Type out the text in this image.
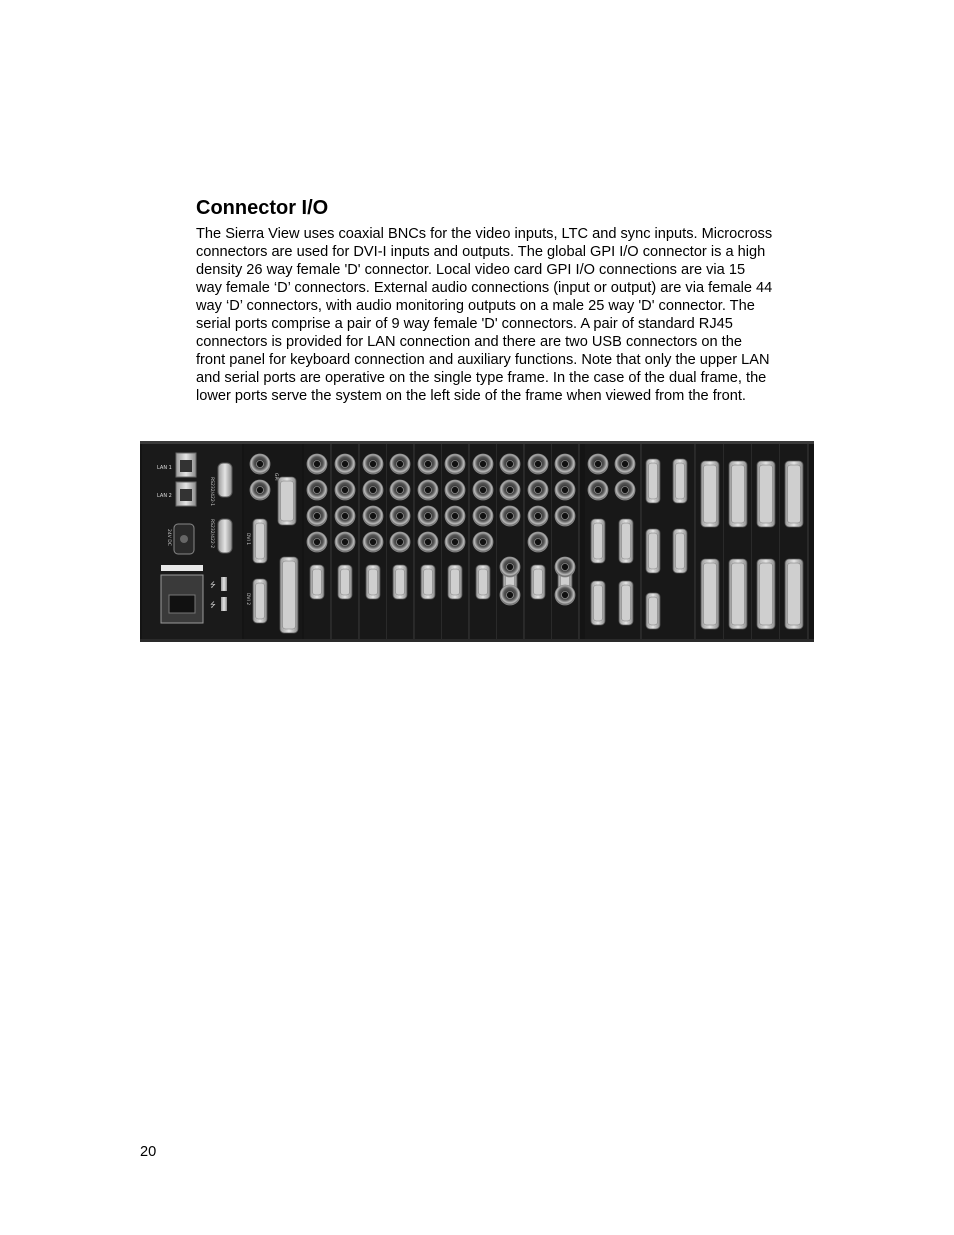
Connector I/O

The Sierra View uses coaxial BNCs for the video inputs, LTC and sync inputs. Microcross
connectors are used for DVI-I inputs and outputs. The global GPI I/O connector is a high
density 26 way female 'D' connector. Local video card GPI I/O connections are via 15
way female ‘D’ connectors. External audio connections (input or output) are via female 44
way ‘D’ connectors, with audio monitoring outputs on a male 25 way 'D' connector. The
serial ports comprise a pair of 9 way female 'D' connectors. A pair of standard RJ45
connectors is provided for LAN connection and there are two USB connectors on the
front panel for keyboard connection and auxiliary functions. Note that only the upper LAN
and serial ports are operative on the single type frame. In the case of the dual frame, the
lower ports serve the system on the left side of the frame when viewed from the front.

LAN 1
LAN 2	RS232/422-1
RS232/422-2
24V DC
⭍
⭍
GPI
DVI 1
DVI 2
20
